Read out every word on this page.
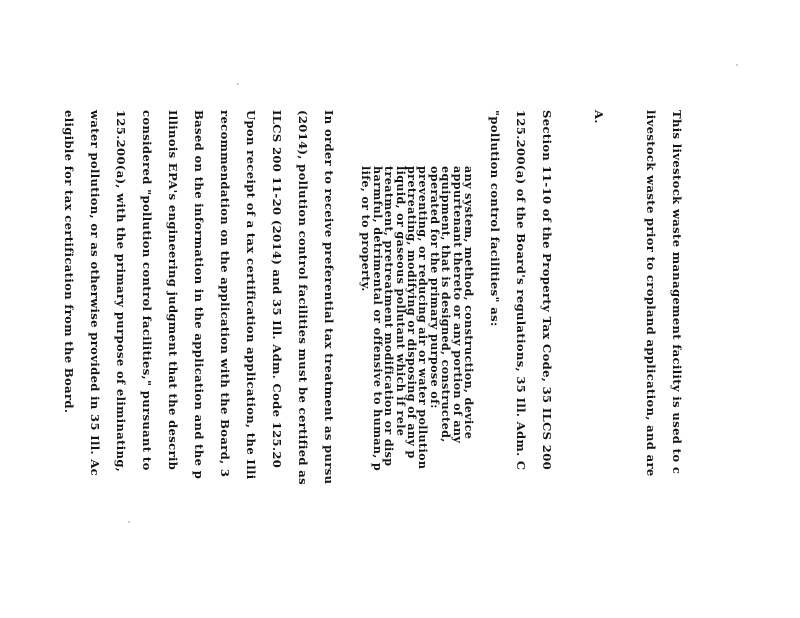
This livestock waste management facility is used to c
livestock waste prior to cropland application, and are
A.
Section 11-10 of the Property Tax Code, 35 ILCS 200
125.200(a) of the Board's regulations, 35 Ill. Adm. C
"pollution control facilities" as:
any system, method, construction, device
appurtenant thereto or any portion of any
equipment, that is designed, constructed,
operated for the primary purpose of:
preventing, or reducing air or water pollution
pretreating, modifying or disposing of any p
liquid, or gaseous pollutant which if rele
treatment, pretreatment modification or disp
harmful, detrimental or offensive to human, p
life, or to property.
In order to receive preferential tax treatment as pursu
(2014), pollution control facilities must be certified as
ILCS 200 11-20 (2014) and 35 Ill. Adm. Code 125.20
Upon receipt of a tax certification application, the Illi
recommendation on the application with the Board, 3
Based on the information in the application and the p
Illinois EPA's engineering judgment that the describ
considered "pollution control facilities," pursuant to
125.200(a), with the primary purpose of eliminating,
water pollution, or as otherwise provided in 35 Ill. Ac
eligible for tax certification from the Board.
